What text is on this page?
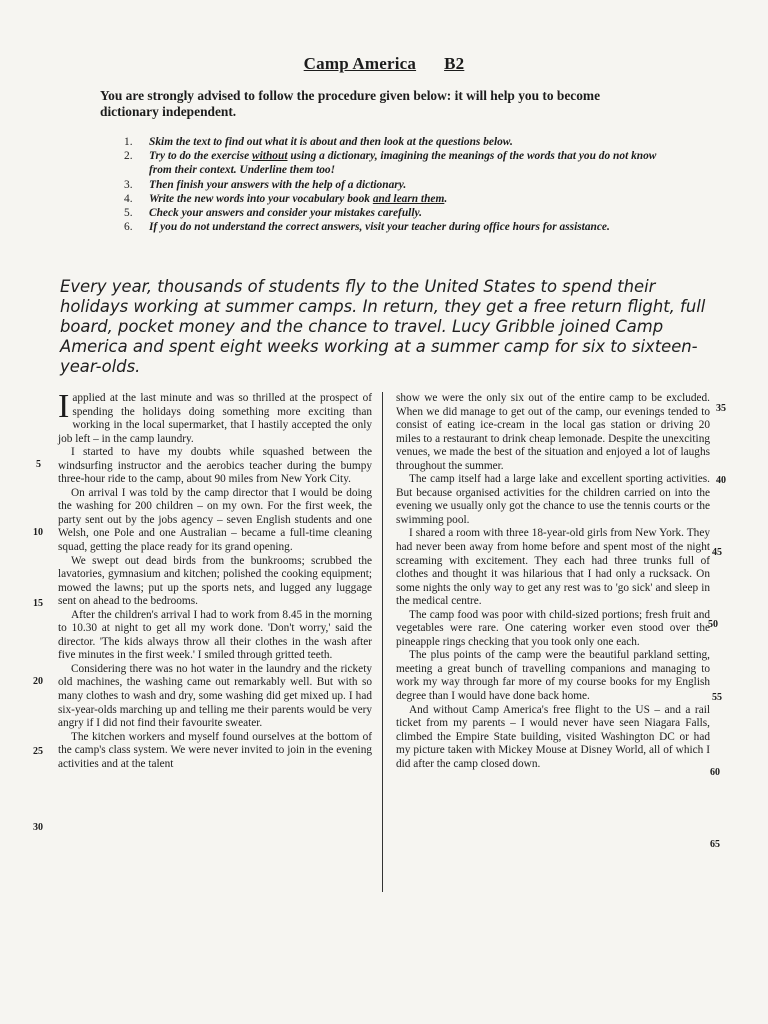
Camp America B2
You are strongly advised to follow the procedure given below: it will help you to become dictionary independent.
1.	Skim the text to find out what it is about and then look at the questions below.
2.	Try to do the exercise without using a dictionary, imagining the meanings of the words that you do not know from their context. Underline them too!
3.	Then finish your answers with the help of a dictionary.
4.	Write the new words into your vocabulary book and learn them.
5.	Check your answers and consider your mistakes carefully.
6.	If you do not understand the correct answers, visit your teacher during office hours for assistance.
Every year, thousands of students fly to the United States to spend their holidays working at summer camps. In return, they get a free return flight, full board, pocket money and the chance to travel. Lucy Gribble joined Camp America and spent eight weeks working at a summer camp for six to sixteen-year-olds.

I applied at the last minute and was so thrilled at the prospect of spending the holidays doing something more exciting than working in the local supermarket, that I hastily accepted the only job left – in the camp laundry.

I started to have my doubts while squashed between the windsurfing instructor and the aerobics teacher during the bumpy three-hour ride to the camp, about 90 miles from New York City.

On arrival I was told by the camp director that I would be doing the washing for 200 children – on my own. For the first week, the party sent out by the jobs agency – seven English students and one Welsh, one Pole and one Australian – became a full-time cleaning squad, getting the place ready for its grand opening.

We swept out dead birds from the bunkrooms; scrubbed the lavatories, gymnasium and kitchen; polished the cooking equipment; mowed the lawns; put up the sports nets, and lugged any luggage sent on ahead to the bedrooms.

After the children's arrival I had to work from 8.45 in the morning to 10.30 at night to get all my work done. 'Don't worry,' said the director. 'The kids always throw all their clothes in the wash after five minutes in the first week.' I smiled through gritted teeth.

Considering there was no hot water in the laundry and the rickety old machines, the washing came out remarkably well. But with so many clothes to wash and dry, some washing did get mixed up. I had six-year-olds marching up and telling me their parents would be very angry if I did not find their favourite sweater.

The kitchen workers and myself found ourselves at the bottom of the camp's class system. We were never invited to join in the evening activities and at the talent

show we were the only six out of the entire camp to be excluded. When we did manage to get out of the camp, our evenings tended to consist of eating ice-cream in the local gas station or driving 20 miles to a restaurant to drink cheap lemonade. Despite the unexciting venues, we made the best of the situation and enjoyed a lot of laughs throughout the summer.

The camp itself had a large lake and excellent sporting activities. But because organised activities for the children carried on into the evening we usually only got the chance to use the tennis courts or the swimming pool.

I shared a room with three 18-year-old girls from New York. They had never been away from home before and spent most of the night screaming with excitement. They each had three trunks full of clothes and thought it was hilarious that I had only a rucksack. On some nights the only way to get any rest was to 'go sick' and sleep in the medical centre.

The camp food was poor with child-sized portions; fresh fruit and vegetables were rare. One catering worker even stood over the pineapple rings checking that you took only one each.

The plus points of the camp were the beautiful parkland setting, meeting a great bunch of travelling companions and managing to work my way through far more of my course books for my English degree than I would have done back home.

And without Camp America's free flight to the US – and a rail ticket from my parents – I would never have seen Niagara Falls, climbed the Empire State building, visited Washington DC or had my picture taken with Mickey Mouse at Disney World, all of which I did after the camp closed down.

5
10
15
20
25
30
35
40
45
50
55
60
65
